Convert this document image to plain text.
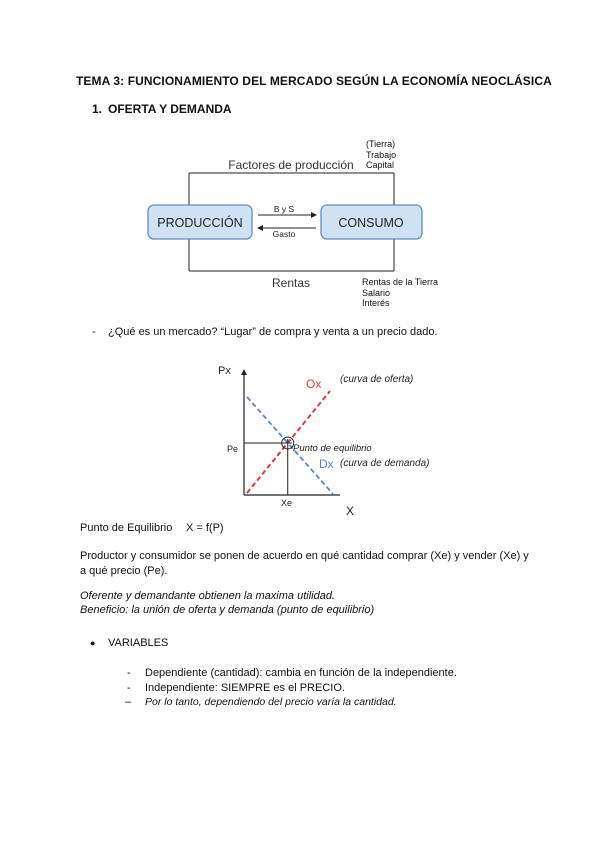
TEMA 3: FUNCIONAMIENTO DEL MERCADO SEGÚN LA ECONOMÍA NEOCLÁSICA
1. OFERTA Y DEMANDA
PRODUCCIÓN	CONSUMO
B y S
Gasto
Factores de producción
Rentas
(Tierra)
Trabajo
Capital
Rentas de la Tierra
Salario
Interés
- ¿Qué es un mercado? “Lugar” de compra y venta a un precio dado.
Px
X
Pe
Xe
Punto de equilibrio
Ox (curva de oferta)
Dx (curva de demanda)
Punto de Equilibrio X = f(P)
Productor y consumidor se ponen de acuerdo en qué cantidad comprar (Xe) y vender (Xe) y a qué precio (Pe).
Oferente y demandante obtienen la maxima utilidad.
Beneficio: la unión de oferta y demanda (punto de equilibrio)
● VARIABLES
- Dependiente (cantidad): cambia en función de la independiente.
- Independiente: SIEMPRE es el PRECIO.
– Por lo tanto, dependiendo del precio varía la cantidad.
